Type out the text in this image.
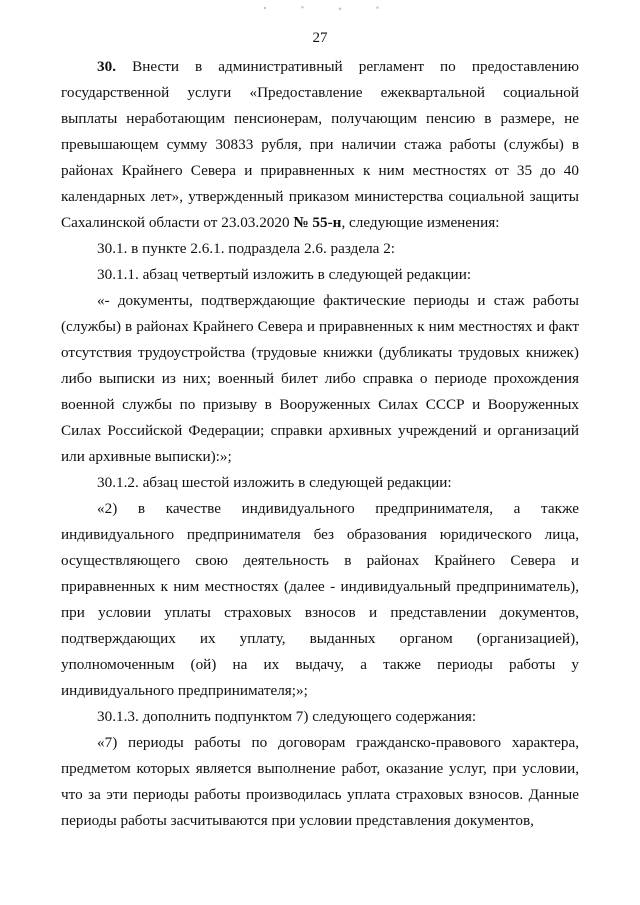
27

30. Внести в административный регламент по предоставлению государственной услуги «Предоставление ежеквартальной социальной выплаты неработающим пенсионерам, получающим пенсию в размере, не превышающем сумму 30833 рубля, при наличии стажа работы (службы) в районах Крайнего Севера и приравненных к ним местностях от 35 до 40 календарных лет», утвержденный приказом министерства социальной защиты Сахалинской области от 23.03.2020 № 55-н, следующие изменения:

30.1. в пункте 2.6.1. подраздела 2.6. раздела 2:

30.1.1. абзац четвертый изложить в следующей редакции:

«- документы, подтверждающие фактические периоды и стаж работы (службы) в районах Крайнего Севера и приравненных к ним местностях и факт отсутствия трудоустройства (трудовые книжки (дубликаты трудовых книжек) либо выписки из них; военный билет либо справка о периоде прохождения военной службы по призыву в Вооруженных Силах СССР и Вооруженных Силах Российской Федерации; справки архивных учреждений и организаций или архивные выписки):»;

30.1.2. абзац шестой изложить в следующей редакции:

«2) в качестве индивидуального предпринимателя, а также индивидуального предпринимателя без образования юридического лица, осуществляющего свою деятельность в районах Крайнего Севера и приравненных к ним местностях (далее - индивидуальный предприниматель), при условии уплаты страховых взносов и представлении документов, подтверждающих их уплату, выданных органом (организацией), уполномоченным (ой) на их выдачу, а также периоды работы у индивидуального предпринимателя;»;

30.1.3. дополнить подпунктом 7) следующего содержания:

«7) периоды работы по договорам гражданско-правового характера, предметом которых является выполнение работ, оказание услуг, при условии, что за эти периоды работы производилась уплата страховых взносов. Данные периоды работы засчитываются при условии представления документов,
